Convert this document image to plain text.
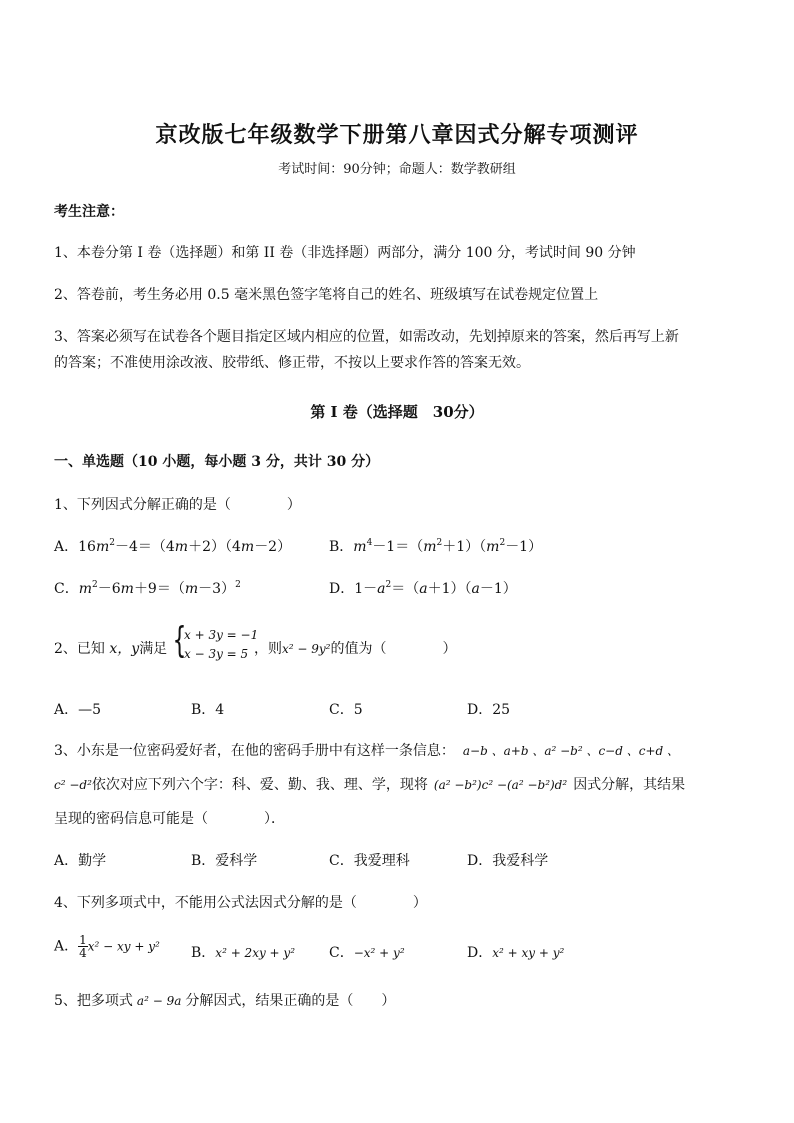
京改版七年级数学下册第八章因式分解专项测评
考试时间：90分钟；命题人：数学教研组
考生注意：
1、本卷分第 I 卷（选择题）和第 II 卷（非选择题）两部分，满分 100 分，考试时间 90 分钟
2、答卷前，考生务必用 0.5 毫米黑色签字笔将自己的姓名、班级填写在试卷规定位置上
3、答案必须写在试卷各个题目指定区域内相应的位置，如需改动，先划掉原来的答案，然后再写上新
的答案；不准使用涂改液、胶带纸、修正带，不按以上要求作答的答案无效。
第 I 卷（选择题　30分）
一、单选题（10 小题，每小题 3 分，共计 30 分）
1、下列因式分解正确的是（　　　　）
A．$16m^2-4=(4m+2)(4m-2)$	B．$m^4-1=(m^2+1)(m^2-1)$
C．$m^2-6m+9=(m-3)^2$	D．$1-a^2=(a+1)(a-1)$
2、已知 x，y满足 {
x + 3y = −1
x − 3y = 5 ，则x² − 9y²的值为（　　　　）
A．—5	B．4	C．5	D．25
3、小东是一位密码爱好者，在他的密码手册中有这样一条信息： a−b 、a+b 、a² −b² 、c−d 、c+d 、
c² −d²依次对应下列六个字：科、爱、勤、我、理、学，现将 (a² −b²)c² −(a² −b²)d² 因式分解，其结果
呈现的密码信息可能是（　　　　）．
A．勤学	B．爱科学	C．我爱理科	D．我爱科学
4、下列多项式中，不能用公式法因式分解的是（　　　　）
A． $\frac{1}{4} x^2$ − xy + y² B．x² + 2xy + y² C．−x² + y²	D．x² + xy + y²
5、把多项式 a² − 9a 分解因式，结果正确的是（　　）
